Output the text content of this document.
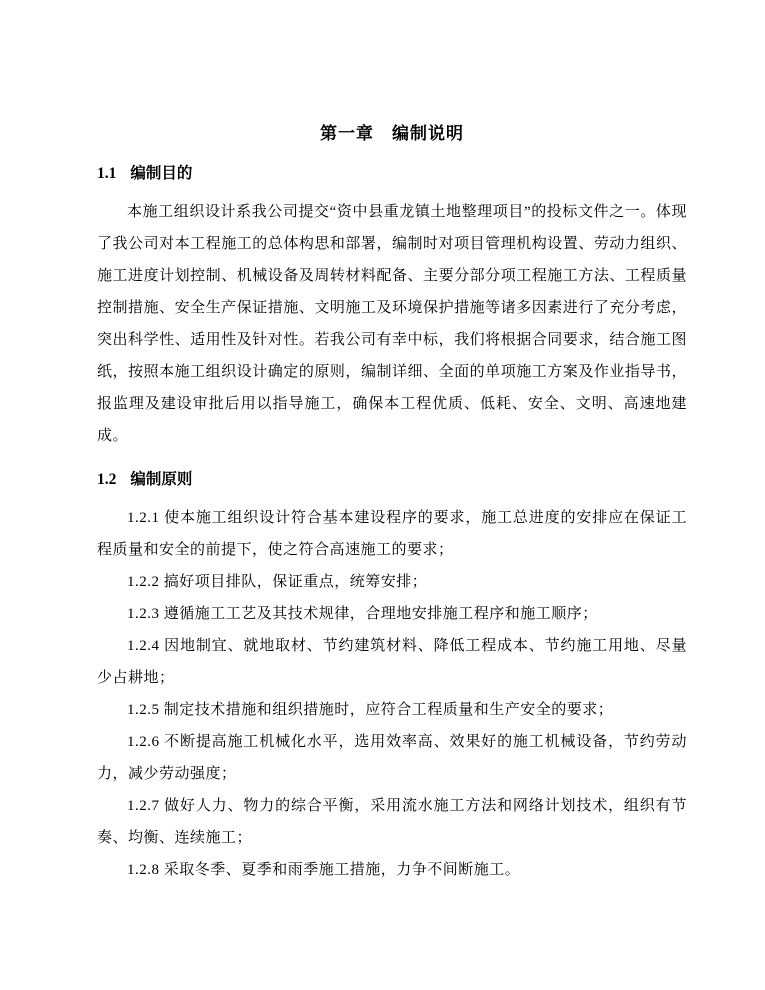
第一章 编制说明
1.1 编制目的

本施工组织设计系我公司提交“资中县重龙镇土地整理项目”的投标文件之一。体现了我公司对本工程施工的总体构思和部署，编制时对项目管理机构设置、劳动力组织、施工进度计划控制、机械设备及周转材料配备、主要分部分项工程施工方法、工程质量控制措施、安全生产保证措施、文明施工及环境保护措施等诸多因素进行了充分考虑，突出科学性、适用性及针对性。若我公司有幸中标，我们将根据合同要求，结合施工图纸，按照本施工组织设计确定的原则，编制详细、全面的单项施工方案及作业指导书，报监理及建设审批后用以指导施工，确保本工程优质、低耗、安全、文明、高速地建成。

1.2 编制原则

1.2.1 使本施工组织设计符合基本建设程序的要求，施工总进度的安排应在保证工程质量和安全的前提下，使之符合高速施工的要求；

1.2.2 搞好项目排队，保证重点，统筹安排；

1.2.3 遵循施工工艺及其技术规律，合理地安排施工程序和施工顺序；

1.2.4 因地制宜、就地取材、节约建筑材料、降低工程成本、节约施工用地、尽量少占耕地；

1.2.5 制定技术措施和组织措施时，应符合工程质量和生产安全的要求；

1.2.6 不断提高施工机械化水平，选用效率高、效果好的施工机械设备，节约劳动力，减少劳动强度；

1.2.7 做好人力、物力的综合平衡，采用流水施工方法和网络计划技术，组织有节奏、均衡、连续施工；

1.2.8 采取冬季、夏季和雨季施工措施，力争不间断施工。
